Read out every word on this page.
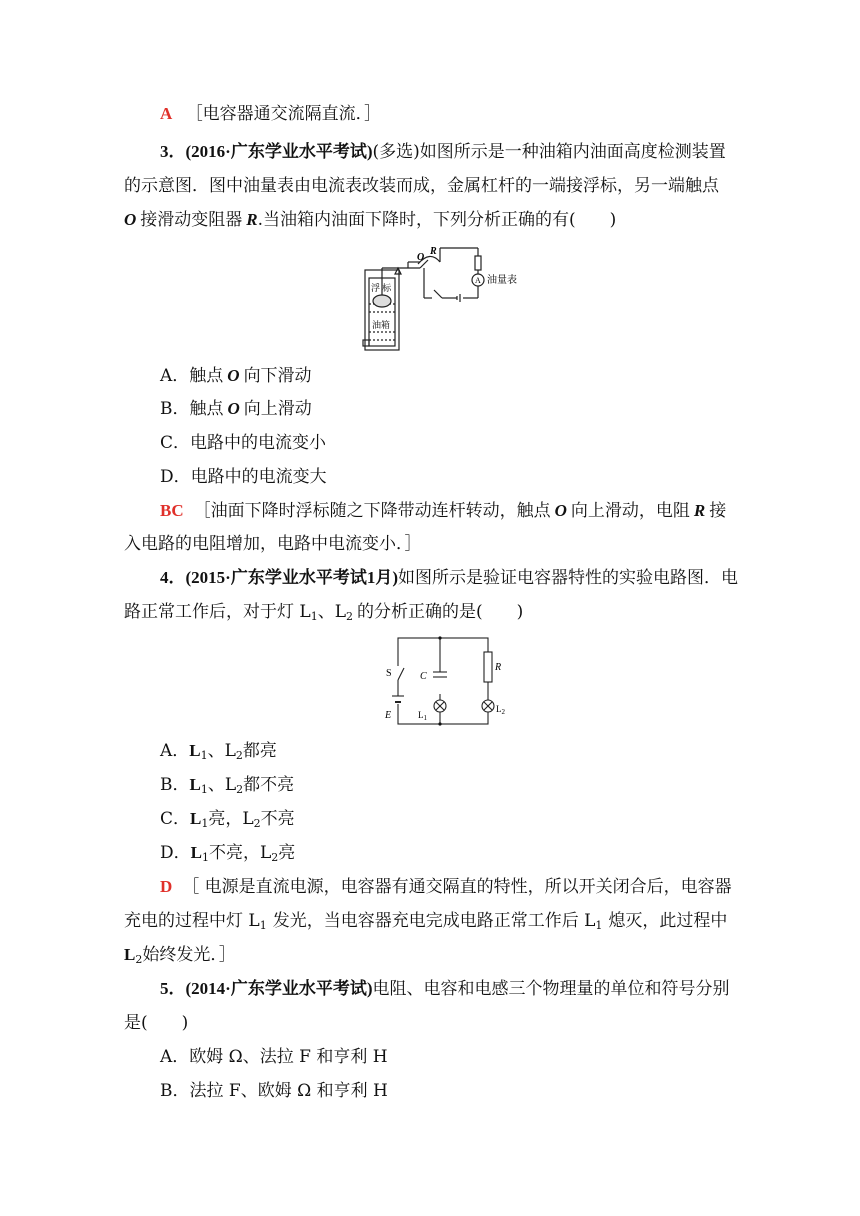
A ［电容器通交流隔直流．］
3．(2016·广东学业水平考试)(多选)如图所示是一种油箱内油面高度检测装置
的示意图．图中油量表由电流表改装而成，金属杠杆的一端接浮标，另一端触点
O 接滑动变阻器 R.当油箱内油面下降时，下列分析正确的有(　　)
O
R
A 油量表
浮 标
油箱
A．触点 O 向下滑动
B．触点 O 向上滑动
C．电路中的电流变小
D．电路中的电流变大
BC ［油面下降时浮标随之下降带动连杆转动，触点 O 向上滑动，电阻 R 接
入电路的电阻增加，电路中电流变小．］
4．(2015·广东学业水平考试1月)如图所示是验证电容器特性的实验电路图．电
路正常工作后，对于灯 $L_1$、$L_2$ 的分析正确的是(　　)
S	C
R
E	$L_1$
$L_2$
A．$L_1$、$L_2$都亮
B．$L_1$、$L_2$都不亮
C．$L_1$亮，$L_2$不亮
D．$L_1$不亮，$L_2$亮
D ［ 电源是直流电源，电容器有通交隔直的特性，所以开关闭合后，电容器
充电的过程中灯 $L_1$ 发光，当电容器充电完成电路正常工作后 $L_1$ 熄灭，此过程中
$L_2$始终发光．］
5．(2014·广东学业水平考试)电阻、电容和电感三个物理量的单位和符号分别
是(　　)
A．欧姆 Ω、法拉 F 和亨利 H
B．法拉 F、欧姆 Ω 和亨利 H
